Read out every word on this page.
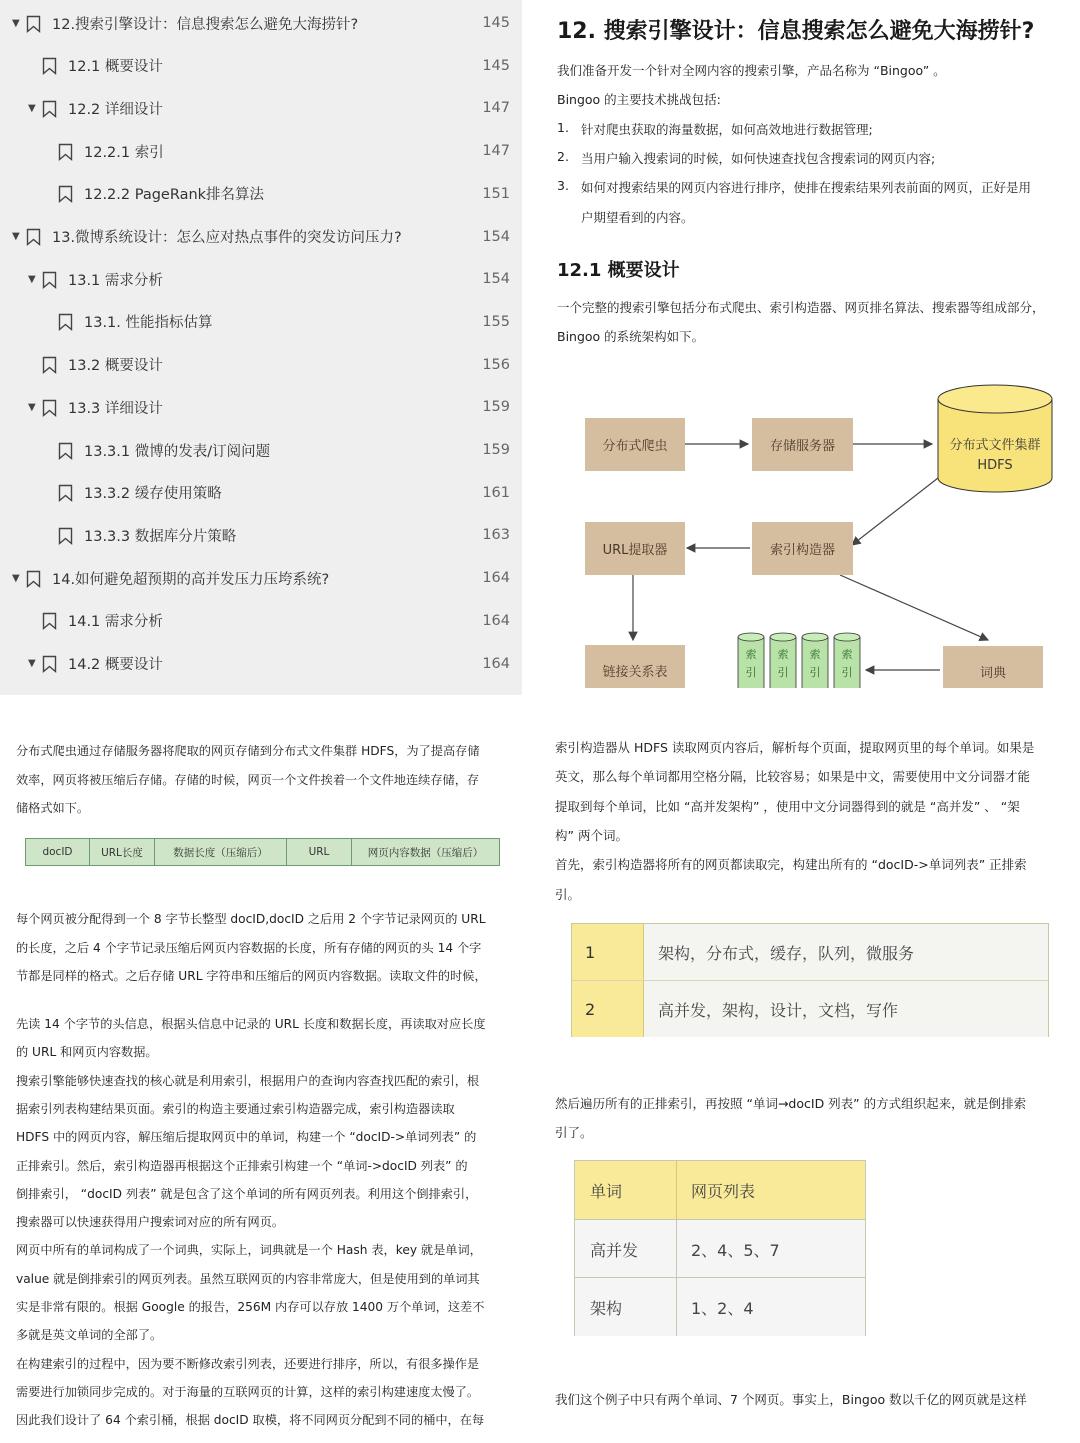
▼ 12.搜索引擎设计：信息搜索怎么避免大海捞针?	145
12.1 概要设计	145
▼ 12.2 详细设计	147
12.2.1 索引	147
12.2.2 PageRank排名算法	151
▼ 13.微博系统设计：怎么应对热点事件的突发访问压力?	154
▼ 13.1 需求分析	154
13.1. 性能指标估算	155
13.2 概要设计	156
▼ 13.3 详细设计	159
13.3.1 微博的发表/订阅问题	159
13.3.2 缓存使用策略	161
13.3.3 数据库分片策略	163
▼ 14.如何避免超预期的高并发压力压垮系统?	164
14.1 需求分析	164
▼ 14.2 概要设计	164
12. 搜索引擎设计：信息搜索怎么避免大海捞针?
我们准备开发一个针对全网内容的搜索引擎，产品名称为 “Bingoo” 。
Bingoo 的主要技术挑战包括:
1. 针对爬虫获取的海量数据，如何高效地进行数据管理;
2. 当用户输入搜索词的时候，如何快速查找包含搜索词的网页内容;
3. 如何对搜索结果的网页内容进行排序，使排在搜索结果列表前面的网页，正好是用
户期望看到的内容。
12.1 概要设计
一个完整的搜索引擎包括分布式爬虫、索引构造器、网页排名算法、搜索器等组成部分，
Bingoo 的系统架构如下。
分布式爬虫	存储服务器	分布式文件集群
HDFS
URL提取器	索引构造器
链接关系表	词典
索
引
索
引
索
引
索
引
分布式爬虫通过存储服务器将爬取的网页存储到分布式文件集群 HDFS，为了提高存储
效率，网页将被压缩后存储。存储的时候，网页一个文件挨着一个文件地连续存储，存
储格式如下。
docID	URL长度	数据长度（压缩后）	URL	网页内容数据（压缩后）
每个网页被分配得到一个 8 字节长整型 docID,docID 之后用 2 个字节记录网页的 URL
的长度，之后 4 个字节记录压缩后网页内容数据的长度，所有存储的网页的头 14 个字
节都是同样的格式。之后存储 URL 字符串和压缩后的网页内容数据。读取文件的时候，
先读 14 个字节的头信息，根据头信息中记录的 URL 长度和数据长度，再读取对应长度
的 URL 和网页内容数据。
搜索引擎能够快速查找的核心就是利用索引，根据用户的查询内容查找匹配的索引，根
据索引列表构建结果页面。索引的构造主要通过索引构造器完成，索引构造器读取
HDFS 中的网页内容，解压缩后提取网页中的单词，构建一个 “docID->单词列表” 的
正排索引。然后，索引构造器再根据这个正排索引构建一个 “单词->docID 列表” 的
倒排索引， “docID 列表” 就是包含了这个单词的所有网页列表。利用这个倒排索引，
搜索器可以快速获得用户搜索词对应的所有网页。
网页中所有的单词构成了一个词典，实际上，词典就是一个 Hash 表，key 就是单词，
value 就是倒排索引的网页列表。虽然互联网页的内容非常庞大，但是使用到的单词其
实是非常有限的。根据 Google 的报告，256M 内存可以存放 1400 万个单词，这差不
多就是英文单词的全部了。
在构建索引的过程中，因为要不断修改索引列表，还要进行排序，所以，有很多操作是
需要进行加锁同步完成的。对于海量的互联网页的计算，这样的索引构建速度太慢了。
因此我们设计了 64 个索引桶，根据 docID 取模，将不同网页分配到不同的桶中，在每
索引构造器从 HDFS 读取网页内容后，解析每个页面，提取网页里的每个单词。如果是
英文，那么每个单词都用空格分隔，比较容易；如果是中文，需要使用中文分词器才能
提取到每个单词，比如 “高并发架构” ，使用中文分词器得到的就是 “高并发” 、 “架
构” 两个词。
首先，索引构造器将所有的网页都读取完，构建出所有的 “docID->单词列表” 正排索
引。
1	架构，分布式，缓存，队列，微服务
2	高并发，架构，设计，文档，写作
然后遍历所有的正排索引，再按照 “单词→docID 列表” 的方式组织起来，就是倒排索
引了。
单词	网页列表
高并发	2、4、5、7
架构	1、2、4
我们这个例子中只有两个单词、7 个网页。事实上，Bingoo 数以千亿的网页就是这样
